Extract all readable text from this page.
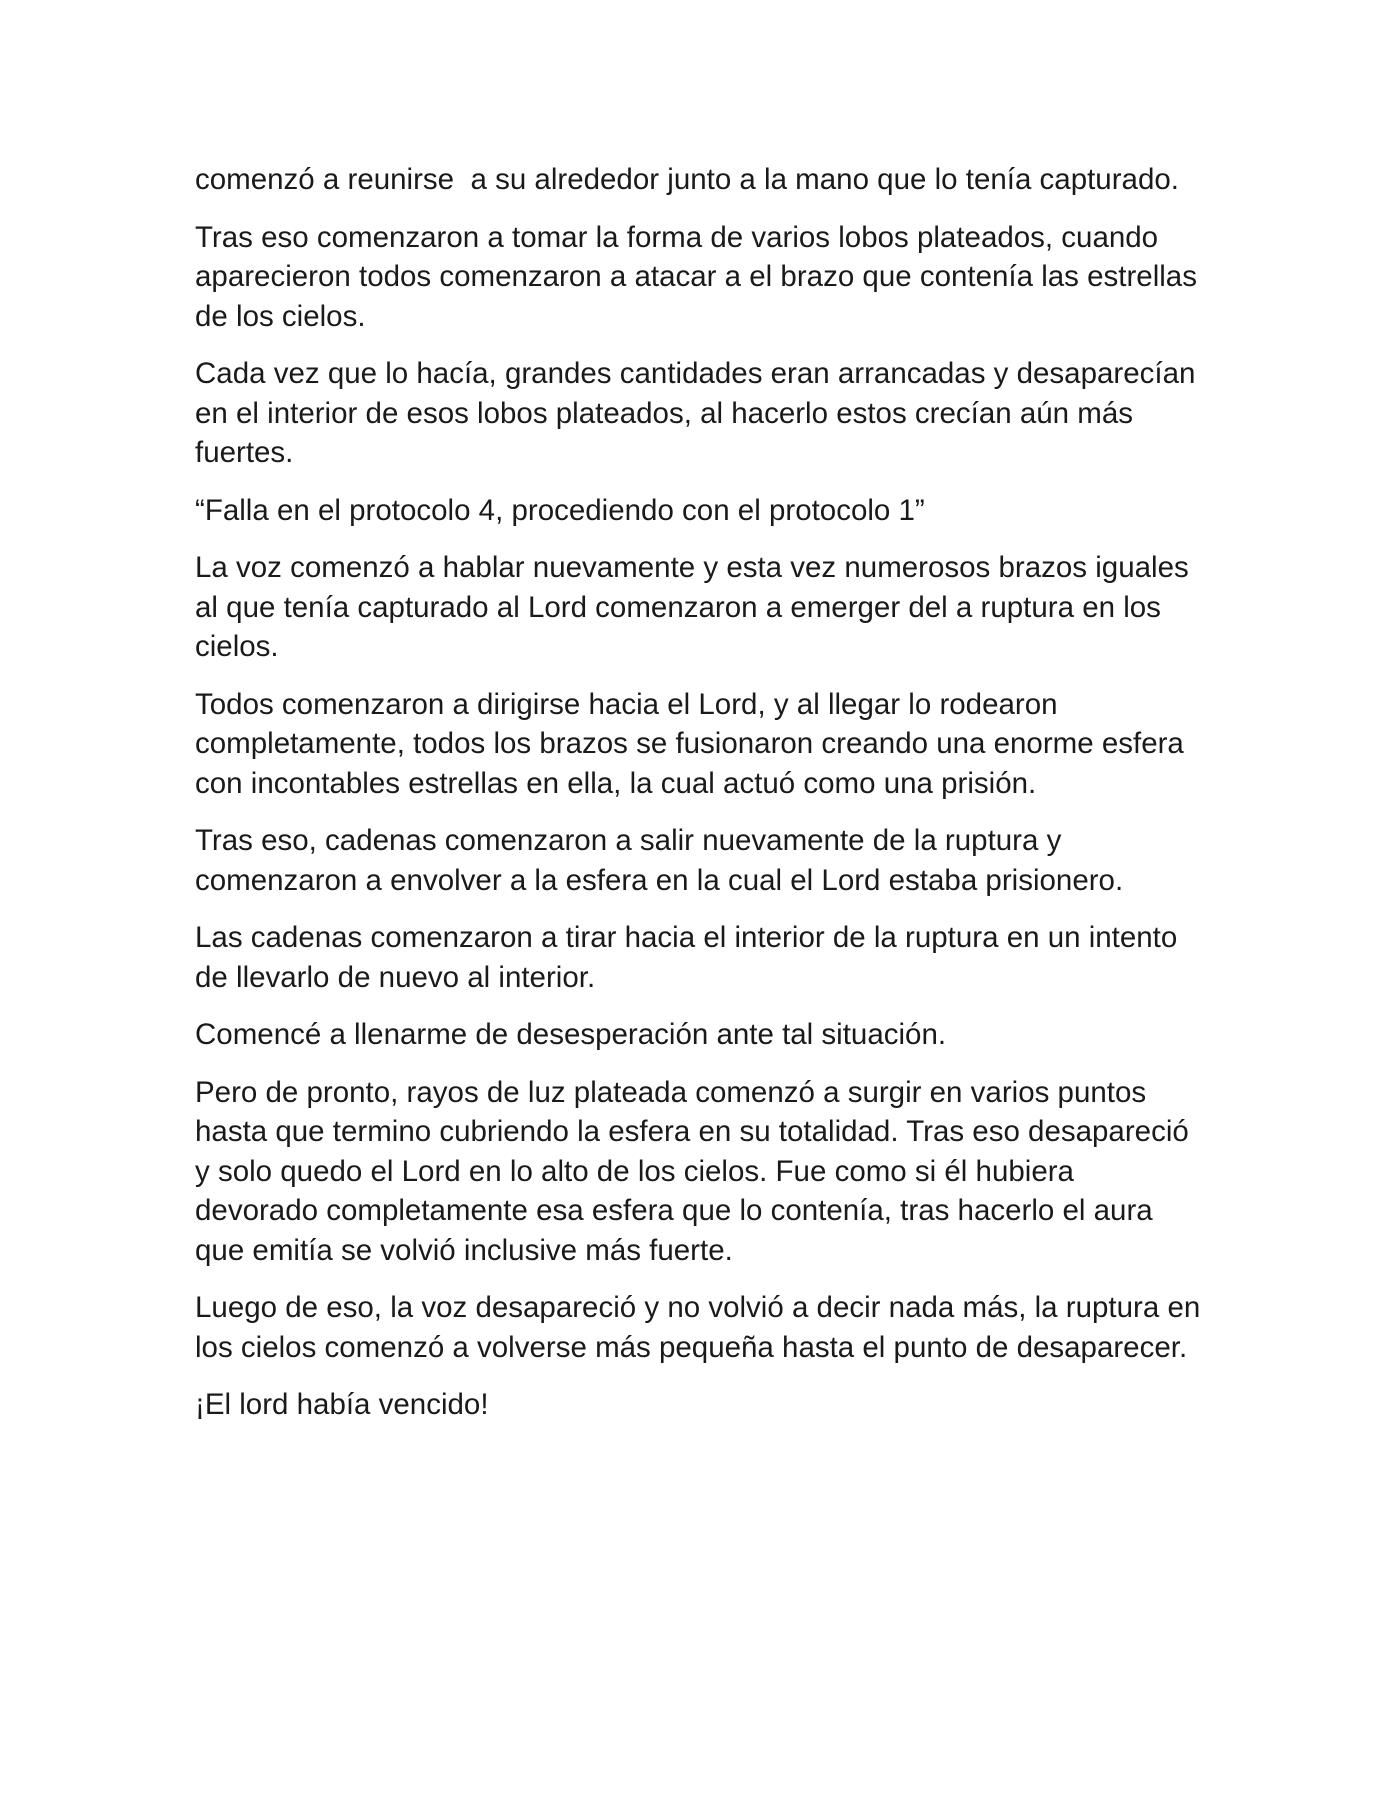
comenzó a reunirse  a su alrededor junto a la mano que lo tenía capturado.

Tras eso comenzaron a tomar la forma de varios lobos plateados, cuando aparecieron todos comenzaron a atacar a el brazo que contenía las estrellas de los cielos.

Cada vez que lo hacía, grandes cantidades eran arrancadas y desaparecían en el interior de esos lobos plateados, al hacerlo estos crecían aún más fuertes.

“Falla en el protocolo 4, procediendo con el protocolo 1”

La voz comenzó a hablar nuevamente y esta vez numerosos brazos iguales al que tenía capturado al Lord comenzaron a emerger del a ruptura en los cielos.

Todos comenzaron a dirigirse hacia el Lord, y al llegar lo rodearon completamente, todos los brazos se fusionaron creando una enorme esfera con incontables estrellas en ella, la cual actuó como una prisión.

Tras eso, cadenas comenzaron a salir nuevamente de la ruptura y comenzaron a envolver a la esfera en la cual el Lord estaba prisionero.

Las cadenas comenzaron a tirar hacia el interior de la ruptura en un intento de llevarlo de nuevo al interior.

Comencé a llenarme de desesperación ante tal situación.

Pero de pronto, rayos de luz plateada comenzó a surgir en varios puntos hasta que termino cubriendo la esfera en su totalidad. Tras eso desapareció y solo quedo el Lord en lo alto de los cielos. Fue como si él hubiera devorado completamente esa esfera que lo contenía, tras hacerlo el aura que emitía se volvió inclusive más fuerte.

Luego de eso, la voz desapareció y no volvió a decir nada más, la ruptura en los cielos comenzó a volverse más pequeña hasta el punto de desaparecer.

¡El lord había vencido!
